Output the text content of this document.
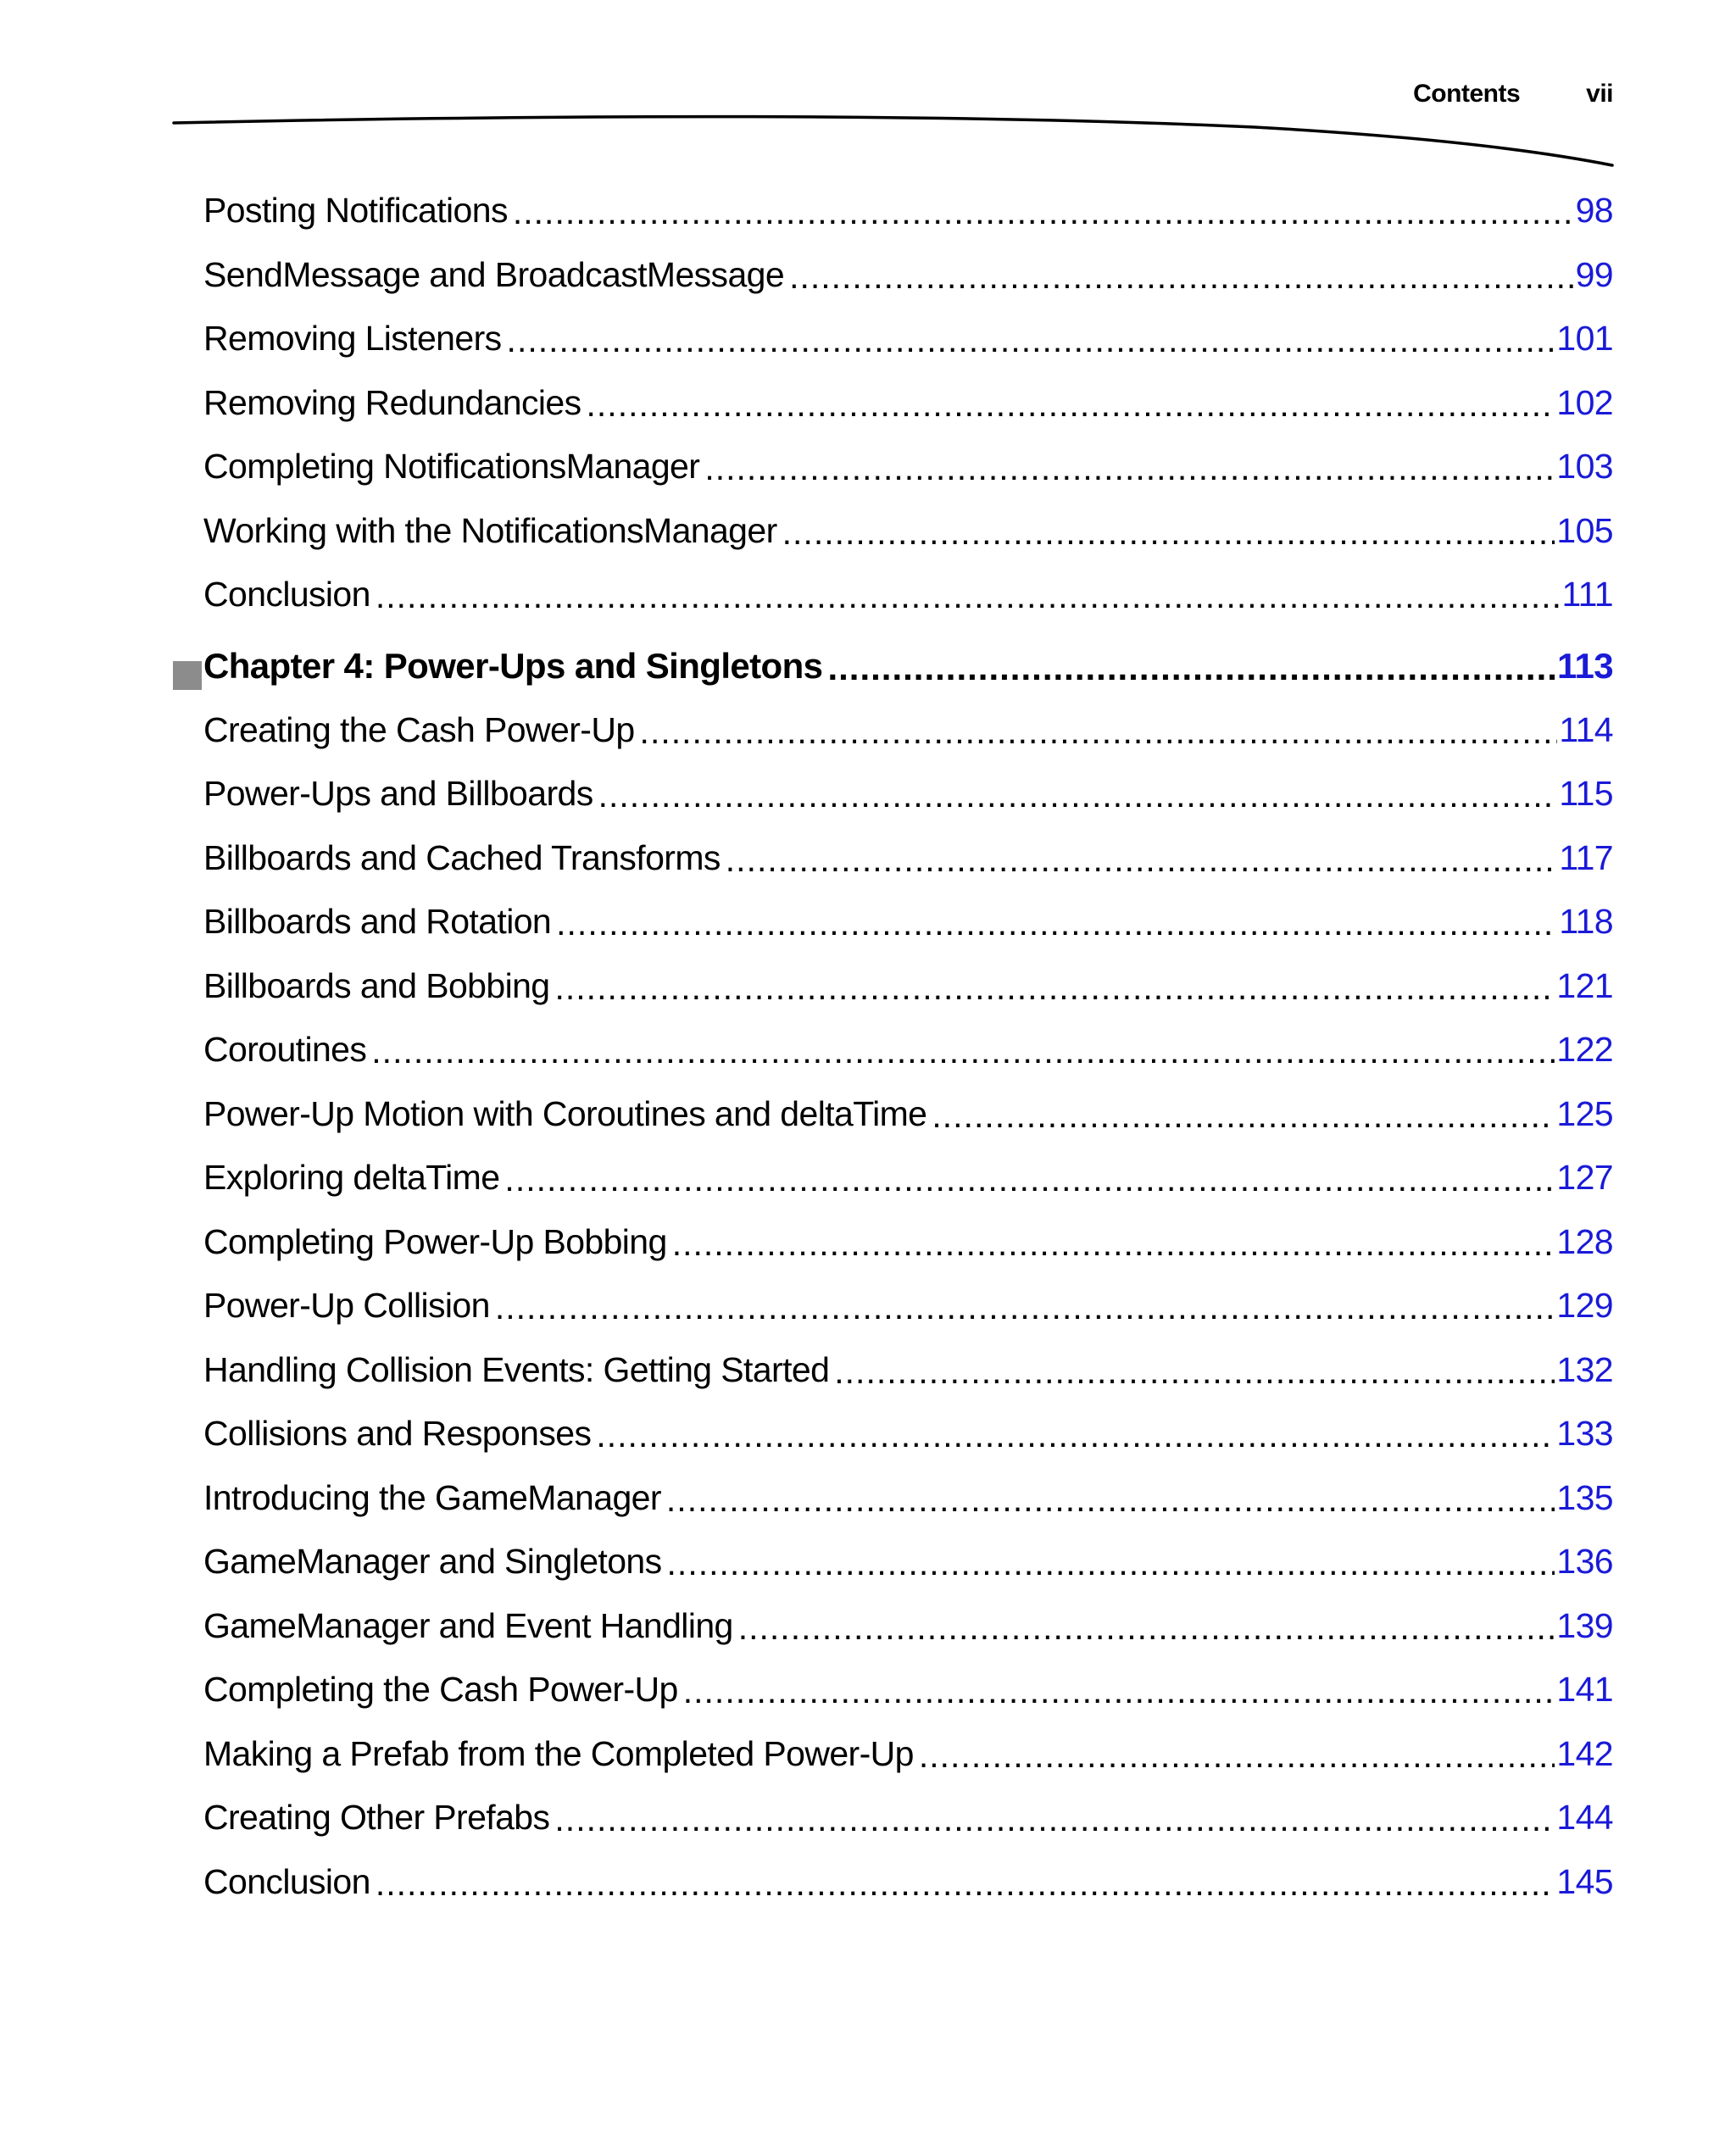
Contents	vii
Posting Notifications .....	98
SendMessage and BroadcastMessage .....	99
Removing Listeners .....	101
Removing Redundancies .....	102
Completing NotificationsManager .....	103
Working with the NotificationsManager .....	105
Conclusion .....	111
Chapter 4: Power-Ups and Singletons .....	113
Creating the Cash Power-Up .....	114
Power-Ups and Billboards .....	115
Billboards and Cached Transforms .....	117
Billboards and Rotation .....	118
Billboards and Bobbing .....	121
Coroutines .....	122
Power-Up Motion with Coroutines and deltaTime .....	125
Exploring deltaTime .....	127
Completing Power-Up Bobbing .....	128
Power-Up Collision .....	129
Handling Collision Events: Getting Started .....	132
Collisions and Responses .....	133
Introducing the GameManager .....	135
GameManager and Singletons .....	136
GameManager and Event Handling .....	139
Completing the Cash Power-Up .....	141
Making a Prefab from the Completed Power-Up .....	142
Creating Other Prefabs .....	144
Conclusion .....	145
